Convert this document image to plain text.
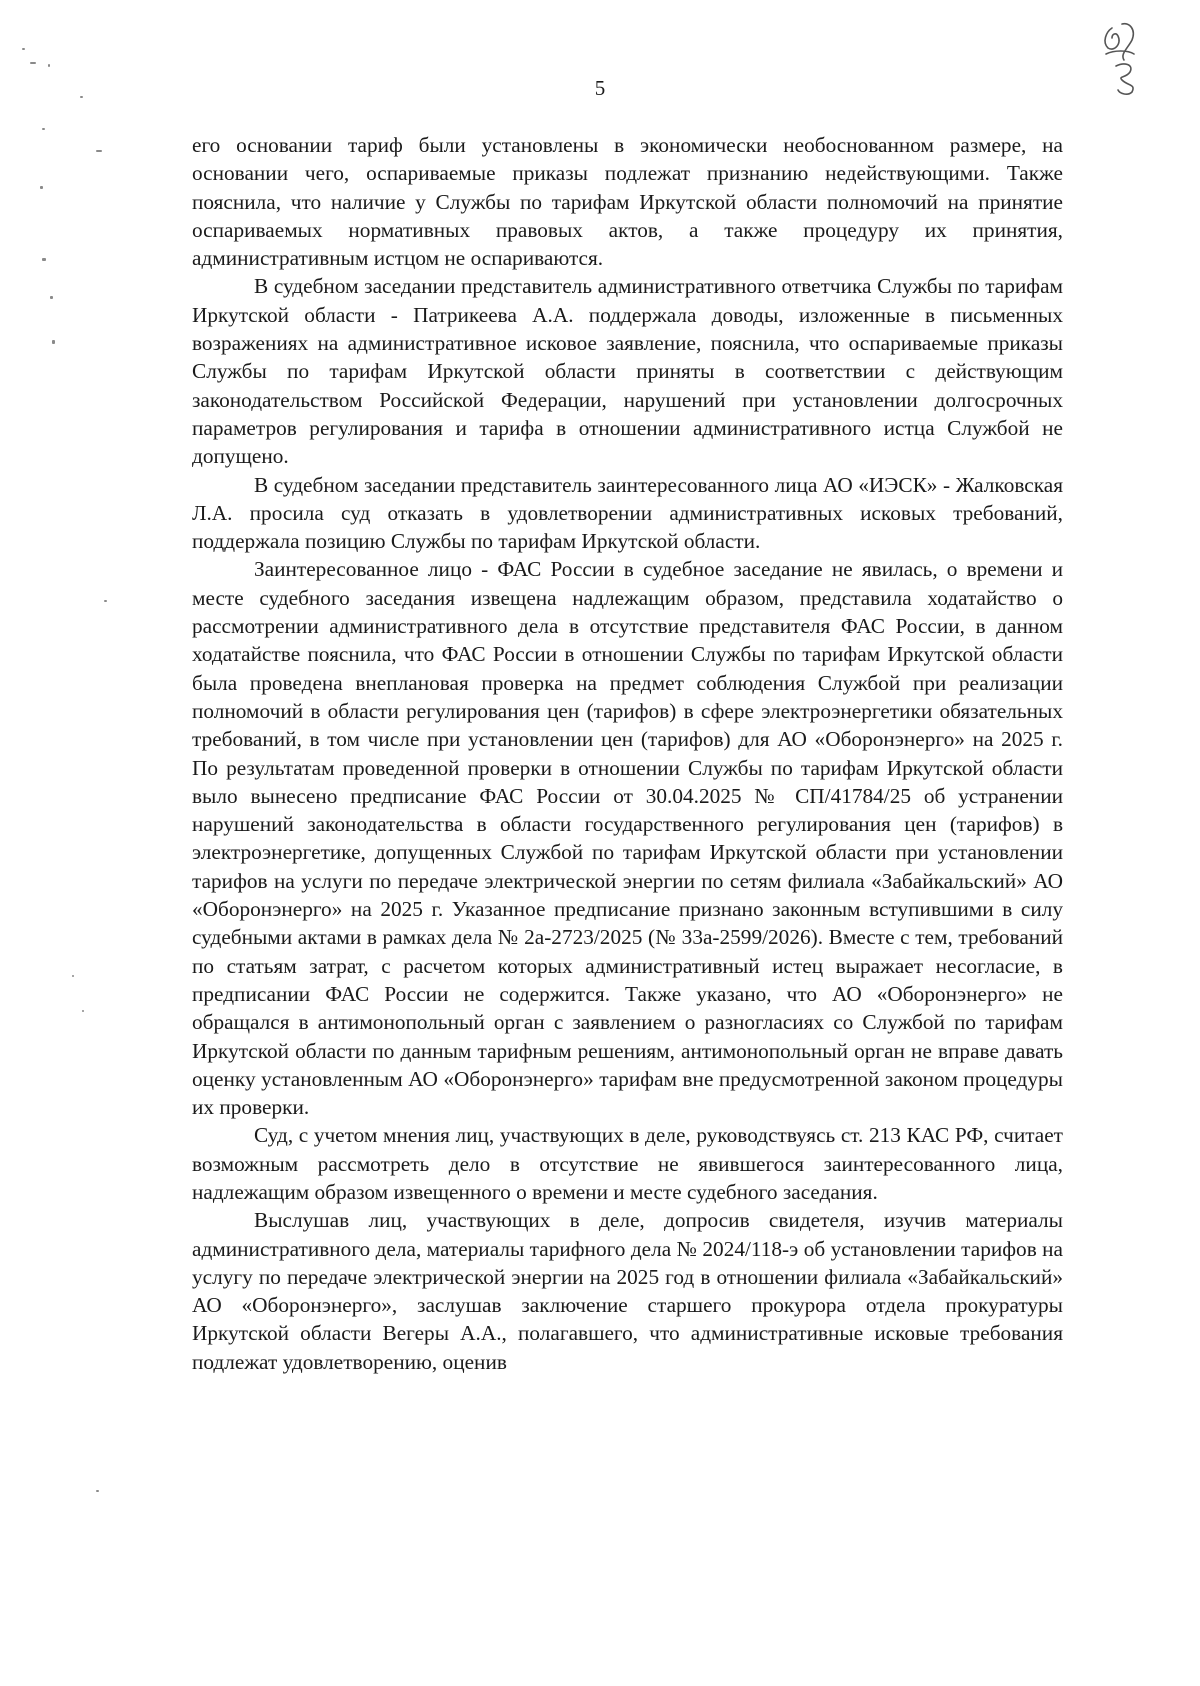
5

его основании тариф были установлены в экономически необоснованном размере, на основании чего, оспариваемые приказы подлежат признанию недействующими. Также пояснила, что наличие у Службы по тарифам Иркутской области полномочий на принятие оспариваемых нормативных правовых актов, а также процедуру их принятия, административным истцом не оспариваются.

В судебном заседании представитель административного ответчика Службы по тарифам Иркутской области - Патрикеева А.А. поддержала доводы, изложенные в письменных возражениях на административное исковое заявление, пояснила, что оспариваемые приказы Службы по тарифам Иркутской области приняты в соответствии с действующим законодательством Российской Федерации, нарушений при установлении долгосрочных параметров регулирования и тарифа в отношении административного истца Службой не допущено.

В судебном заседании представитель заинтересованного лица АО «ИЭСК» - Жалковская Л.А. просила суд отказать в удовлетворении административных исковых требований, поддержала позицию Службы по тарифам Иркутской области.

Заинтересованное лицо - ФАС России в судебное заседание не явилась, о времени и месте судебного заседания извещена надлежащим образом, представила ходатайство о рассмотрении административного дела в отсутствие представителя ФАС России, в данном ходатайстве пояснила, что ФАС России в отношении Службы по тарифам Иркутской области была проведена внеплановая проверка на предмет соблюдения Службой при реализации полномочий в области регулирования цен (тарифов) в сфере электроэнергетики обязательных требований, в том числе при установлении цен (тарифов) для АО «Оборонэнерго» на 2025 г. По результатам проведенной проверки в отношении Службы по тарифам Иркутской области выло вынесено предписание ФАС России от 30.04.2025 № СП/41784/25 об устранении нарушений законодательства в области государственного регулирования цен (тарифов) в электроэнергетике, допущенных Службой по тарифам Иркутской области при установлении тарифов на услуги по передаче электрической энергии по сетям филиала «Забайкальский» АО «Оборонэнерго» на 2025 г. Указанное предписание признано законным вступившими в силу судебными актами в рамках дела № 2а-2723/2025 (№ 33а-2599/2026). Вместе с тем, требований по статьям затрат, с расчетом которых административный истец выражает несогласие, в предписании ФАС России не содержится. Также указано, что АО «Оборонэнерго» не обращался в антимонопольный орган с заявлением о разногласиях со Службой по тарифам Иркутской области по данным тарифным решениям, антимонопольный орган не вправе давать оценку установленным АО «Оборонэнерго» тарифам вне предусмотренной законом процедуры их проверки.

Суд, с учетом мнения лиц, участвующих в деле, руководствуясь ст. 213 КАС РФ, считает возможным рассмотреть дело в отсутствие не явившегося заинтересованного лица, надлежащим образом извещенного о времени и месте судебного заседания.

Выслушав лиц, участвующих в деле, допросив свидетеля, изучив материалы административного дела, материалы тарифного дела № 2024/118-э об установлении тарифов на услугу по передаче электрической энергии на 2025 год в отношении филиала «Забайкальский» АО «Оборонэнерго», заслушав заключение старшего прокурора отдела прокуратуры Иркутской области Вегеры А.А., полагавшего, что административные исковые требования подлежат удовлетворению, оценив
